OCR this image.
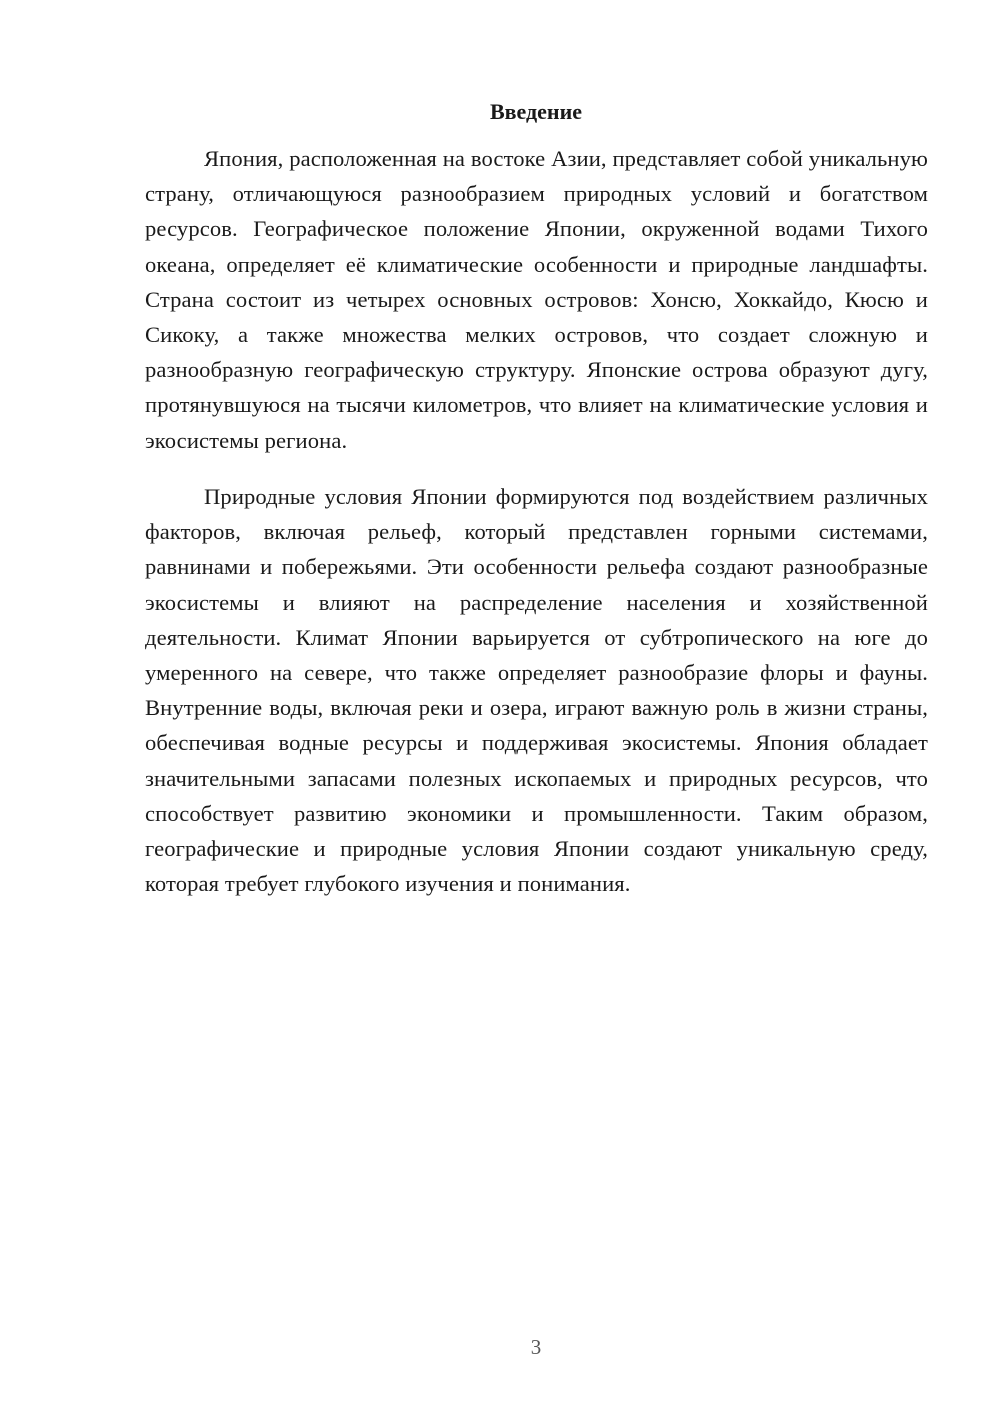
Введение

Япония, расположенная на востоке Азии, представляет собой уникальную страну, отличающуюся разнообразием природных условий и богатством ресурсов. Географическое положение Японии, окруженной водами Тихого океана, определяет её климатические особенности и природные ландшафты. Страна состоит из четырех основных островов: Хонсю, Хоккайдо, Кюсю и Сикоку, а также множества мелких островов, что создает сложную и разнообразную географическую структуру. Японские острова образуют дугу, протянувшуюся на тысячи километров, что влияет на климатические условия и экосистемы региона.

Природные условия Японии формируются под воздействием различных факторов, включая рельеф, который представлен горными системами, равнинами и побережьями. Эти особенности рельефа создают разнообразные экосистемы и влияют на распределение населения и хозяйственной деятельности. Климат Японии варьируется от субтропического на юге до умеренного на севере, что также определяет разнообразие флоры и фауны. Внутренние воды, включая реки и озера, играют важную роль в жизни страны, обеспечивая водные ресурсы и поддерживая экосистемы. Япония обладает значительными запасами полезных ископаемых и природных ресурсов, что способствует развитию экономики и промышленности. Таким образом, географические и природные условия Японии создают уникальную среду, которая требует глубокого изучения и понимания.

3
